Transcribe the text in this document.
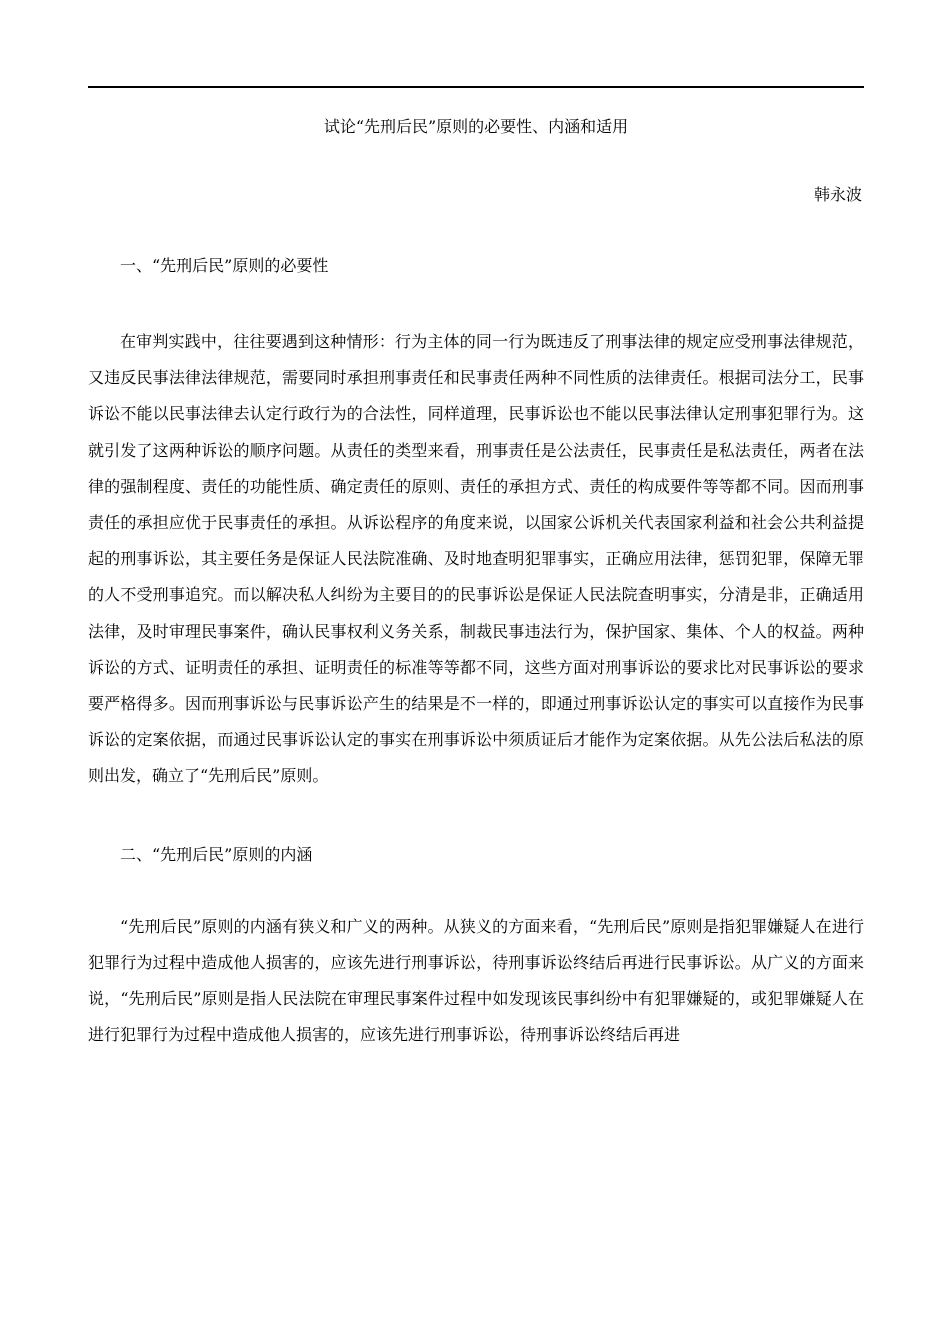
试论“先刑后民”原则的必要性、内涵和适用
韩永波
一、“先刑后民”原则的必要性

在审判实践中，往往要遇到这种情形：行为主体的同一行为既违反了刑事法律的规定应受刑事法律规范，又违反民事法律法律规范，需要同时承担刑事责任和民事责任两种不同性质的法律责任。根据司法分工，民事诉讼不能以民事法律去认定行政行为的合法性，同样道理，民事诉讼也不能以民事法律认定刑事犯罪行为。这就引发了这两种诉讼的顺序问题。从责任的类型来看，刑事责任是公法责任，民事责任是私法责任，两者在法律的强制程度、责任的功能性质、确定责任的原则、责任的承担方式、责任的构成要件等等都不同。因而刑事责任的承担应优于民事责任的承担。从诉讼程序的角度来说，以国家公诉机关代表国家利益和社会公共利益提起的刑事诉讼，其主要任务是保证人民法院准确、及时地查明犯罪事实，正确应用法律，惩罚犯罪，保障无罪的人不受刑事追究。而以解决私人纠纷为主要目的的民事诉讼是保证人民法院查明事实，分清是非，正确适用法律，及时审理民事案件，确认民事权利义务关系，制裁民事违法行为，保护国家、集体、个人的权益。两种诉讼的方式、证明责任的承担、证明责任的标准等等都不同，这些方面对刑事诉讼的要求比对民事诉讼的要求要严格得多。因而刑事诉讼与民事诉讼产生的结果是不一样的，即通过刑事诉讼认定的事实可以直接作为民事诉讼的定案依据，而通过民事诉讼认定的事实在刑事诉讼中须质证后才能作为定案依据。从先公法后私法的原则出发，确立了“先刑后民”原则。

二、“先刑后民”原则的内涵

“先刑后民”原则的内涵有狭义和广义的两种。从狭义的方面来看，“先刑后民”原则是指犯罪嫌疑人在进行犯罪行为过程中造成他人损害的，应该先进行刑事诉讼，待刑事诉讼终结后再进行民事诉讼。从广义的方面来说，“先刑后民”原则是指人民法院在审理民事案件过程中如发现该民事纠纷中有犯罪嫌疑的，或犯罪嫌疑人在进行犯罪行为过程中造成他人损害的，应该先进行刑事诉讼，待刑事诉讼终结后再进
